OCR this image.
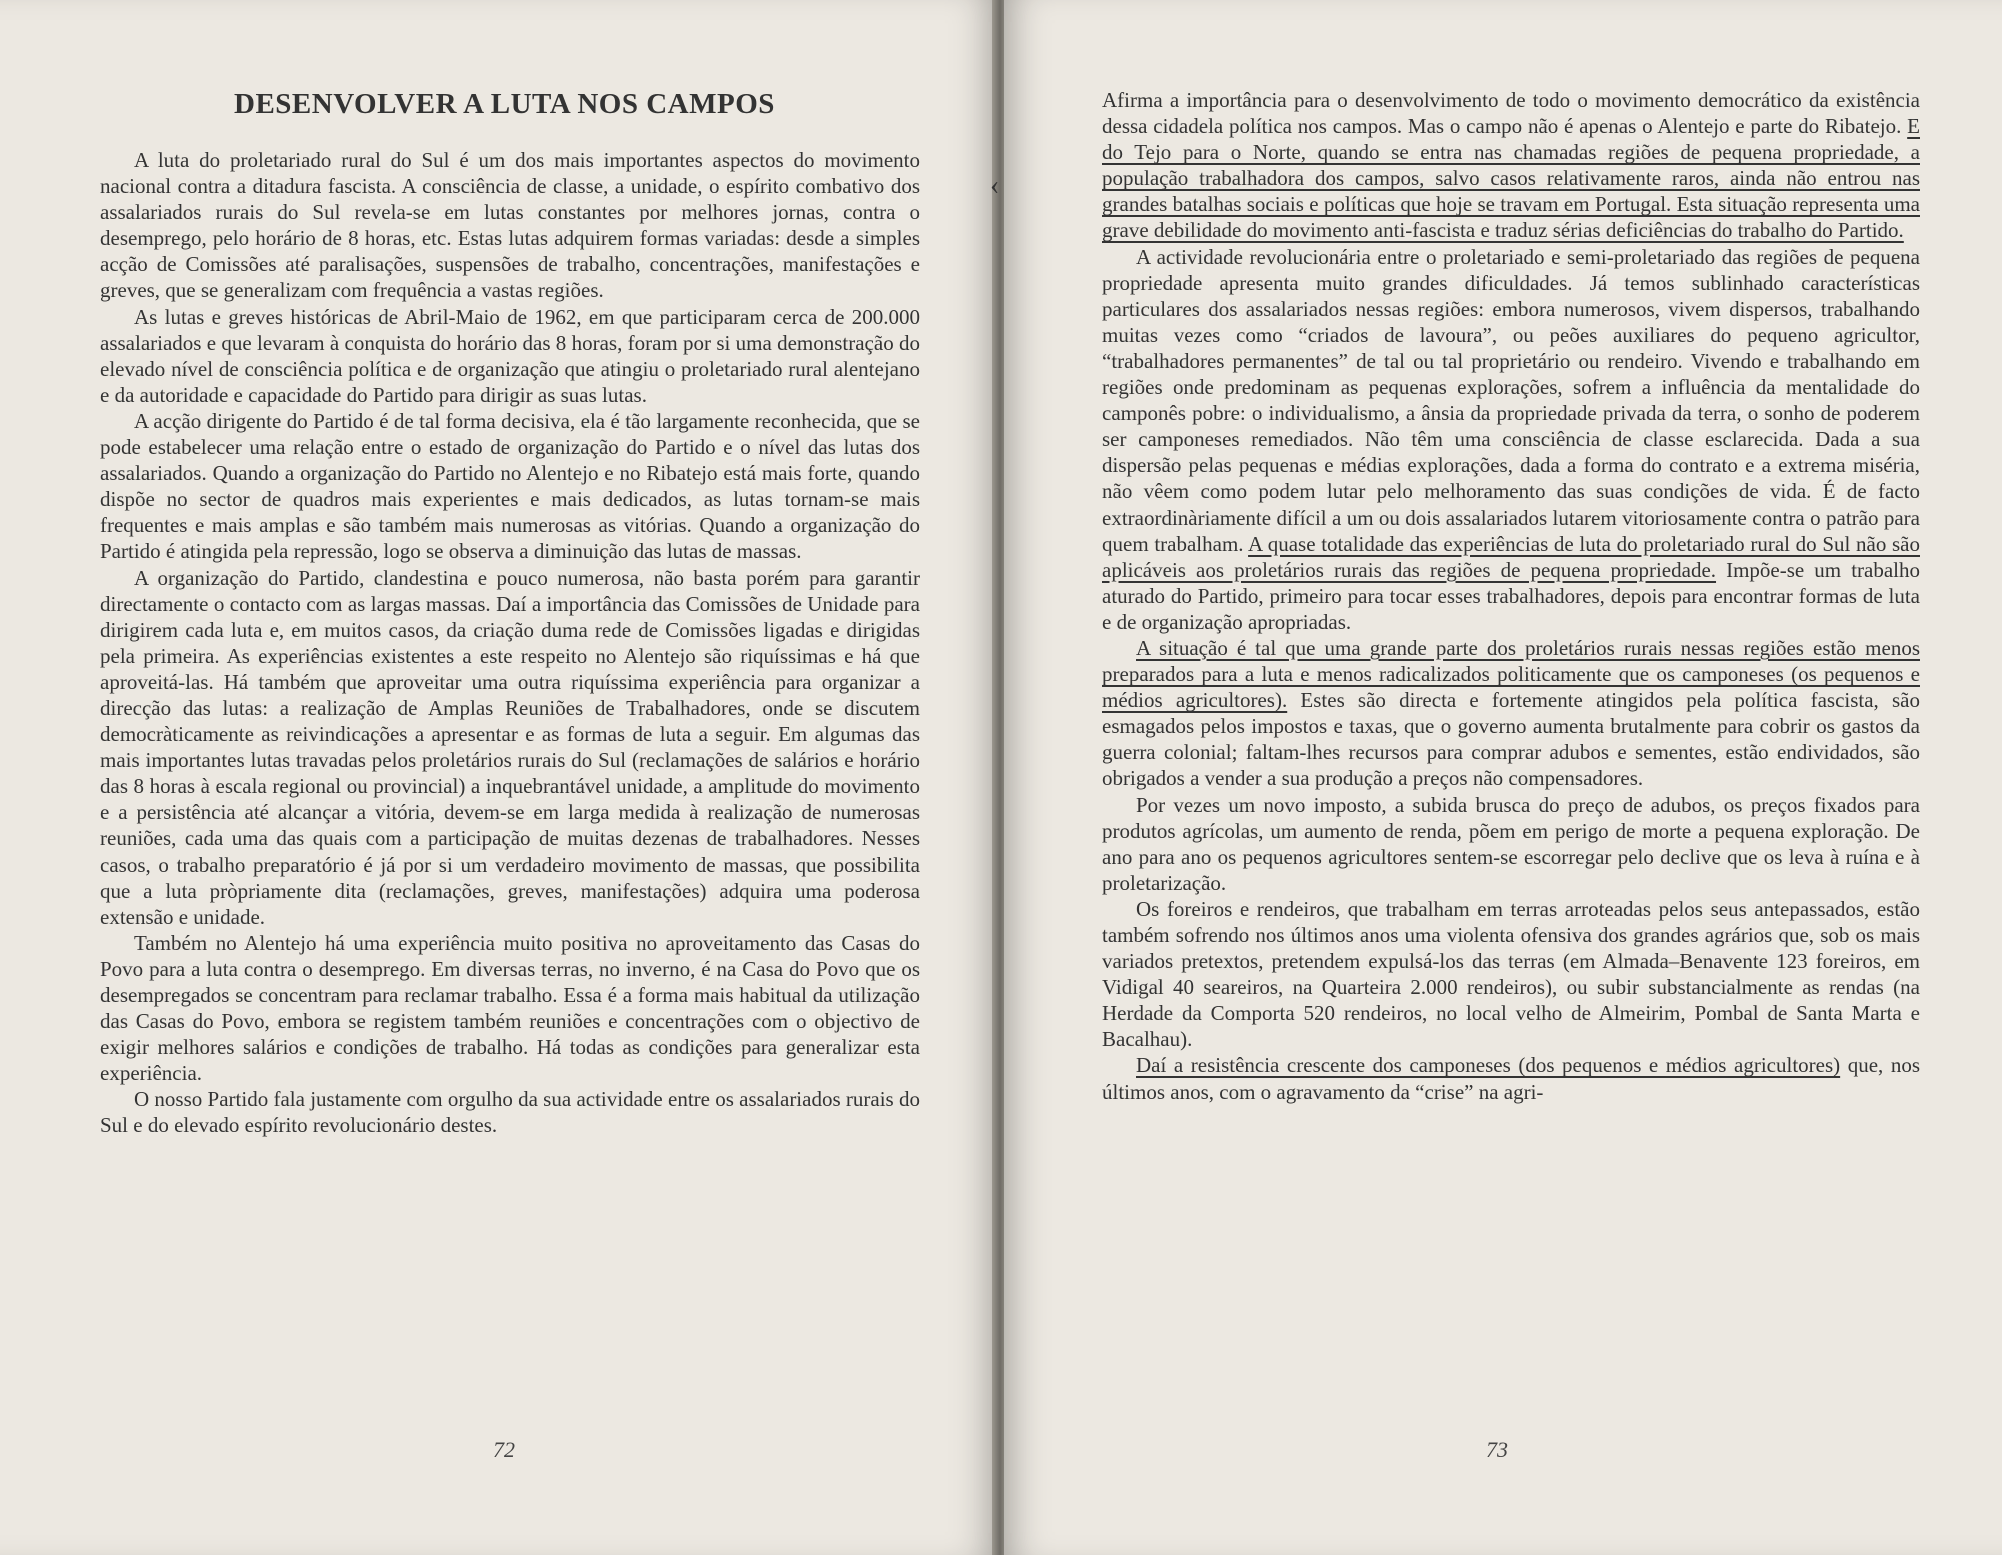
DESENVOLVER A LUTA NOS CAMPOS

A luta do proletariado rural do Sul é um dos mais importantes aspectos do movimento nacional contra a ditadura fascista. A consciência de classe, a unidade, o espírito combativo dos assalariados rurais do Sul revela-se em lutas constantes por melhores jornas, contra o desemprego, pelo horário de 8 horas, etc. Estas lutas adquirem formas variadas: desde a simples acção de Comissões até paralisações, suspensões de trabalho, concentrações, manifestações e greves, que se generalizam com frequência a vastas regiões.

As lutas e greves históricas de Abril-Maio de 1962, em que participaram cerca de 200.000 assalariados e que levaram à conquista do horário das 8 horas, foram por si uma demonstração do elevado nível de consciência política e de organização que atingiu o proletariado rural alentejano e da autoridade e capacidade do Partido para dirigir as suas lutas.

A acção dirigente do Partido é de tal forma decisiva, ela é tão largamente reconhecida, que se pode estabelecer uma relação entre o estado de organização do Partido e o nível das lutas dos assalariados. Quando a organização do Partido no Alentejo e no Ribatejo está mais forte, quando dispõe no sector de quadros mais experientes e mais dedicados, as lutas tornam-se mais frequentes e mais amplas e são também mais numerosas as vitórias. Quando a organização do Partido é atingida pela repressão, logo se observa a diminuição das lutas de massas.

A organização do Partido, clandestina e pouco numerosa, não basta porém para garantir directamente o contacto com as largas massas. Daí a importância das Comissões de Unidade para dirigirem cada luta e, em muitos casos, da criação duma rede de Comissões ligadas e dirigidas pela primeira. As experiências existentes a este respeito no Alentejo são riquíssimas e há que aproveitá-las. Há também que aproveitar uma outra riquíssima experiência para organizar a direcção das lutas: a realização de Amplas Reuniões de Trabalhadores, onde se discutem democràticamente as reivindicações a apresentar e as formas de luta a seguir. Em algumas das mais importantes lutas travadas pelos proletários rurais do Sul (reclamações de salários e horário das 8 horas à escala regional ou provincial) a inquebrantável unidade, a amplitude do movimento e a persistência até alcançar a vitória, devem-se em larga medida à realização de numerosas reuniões, cada uma das quais com a participação de muitas dezenas de trabalhadores. Nesses casos, o trabalho preparatório é já por si um verdadeiro movimento de massas, que possibilita que a luta pròpriamente dita (reclamações, greves, manifestações) adquira uma poderosa extensão e unidade.

Também no Alentejo há uma experiência muito positiva no aproveitamento das Casas do Povo para a luta contra o desemprego. Em diversas terras, no inverno, é na Casa do Povo que os desempregados se concentram para reclamar trabalho. Essa é a forma mais habitual da utilização das Casas do Povo, embora se registem também reuniões e concentrações com o objectivo de exigir melhores salários e condições de trabalho. Há todas as condições para generalizar esta experiência.

O nosso Partido fala justamente com orgulho da sua actividade entre os assalariados rurais do Sul e do elevado espírito revolucionário destes.

72
‹

Afirma a importância para o desenvolvimento de todo o movimento democrático da existência dessa cidadela política nos campos. Mas o campo não é apenas o Alentejo e parte do Ribatejo. E do Tejo para o Norte, quando se entra nas chamadas regiões de pequena propriedade, a população trabalhadora dos campos, salvo casos relativamente raros, ainda não entrou nas grandes batalhas sociais e políticas que hoje se travam em Portugal. Esta situação representa uma grave debilidade do movimento anti-fascista e traduz sérias deficiências do trabalho do Partido.

A actividade revolucionária entre o proletariado e semi-proletariado das regiões de pequena propriedade apresenta muito grandes dificuldades. Já temos sublinhado características particulares dos assalariados nessas regiões: embora numerosos, vivem dispersos, trabalhando muitas vezes como “criados de lavoura”, ou peões auxiliares do pequeno agricultor, “trabalhadores permanentes” de tal ou tal proprietário ou rendeiro. Vivendo e trabalhando em regiões onde predominam as pequenas explorações, sofrem a influência da mentalidade do camponês pobre: o individualismo, a ânsia da propriedade privada da terra, o sonho de poderem ser camponeses remediados. Não têm uma consciência de classe esclarecida. Dada a sua dispersão pelas pequenas e médias explorações, dada a forma do contrato e a extrema miséria, não vêem como podem lutar pelo melhoramento das suas condições de vida. É de facto extraordinàriamente difícil a um ou dois assalariados lutarem vitoriosamente contra o patrão para quem trabalham. A quase totalidade das experiências de luta do proletariado rural do Sul não são aplicáveis aos proletários rurais das regiões de pequena propriedade. Impõe-se um trabalho aturado do Partido, primeiro para tocar esses trabalhadores, depois para encontrar formas de luta e de organização apropriadas.

A situação é tal que uma grande parte dos proletários rurais nessas regiões estão menos preparados para a luta e menos radicalizados politicamente que os camponeses (os pequenos e médios agricultores). Estes são directa e fortemente atingidos pela política fascista, são esmagados pelos impostos e taxas, que o governo aumenta brutalmente para cobrir os gastos da guerra colonial; faltam-lhes recursos para comprar adubos e sementes, estão endividados, são obrigados a vender a sua produção a preços não compensadores.

Por vezes um novo imposto, a subida brusca do preço de adubos, os preços fixados para produtos agrícolas, um aumento de renda, põem em perigo de morte a pequena exploração. De ano para ano os pequenos agricultores sentem-se escorregar pelo declive que os leva à ruína e à proletarização.

Os foreiros e rendeiros, que trabalham em terras arroteadas pelos seus antepassados, estão também sofrendo nos últimos anos uma violenta ofensiva dos grandes agrários que, sob os mais variados pretextos, pretendem expulsá-los das terras (em Almada–Benavente 123 foreiros, em Vidigal 40 seareiros, na Quarteira 2.000 rendeiros), ou subir substancialmente as rendas (na Herdade da Comporta 520 rendeiros, no local velho de Almeirim, Pombal de Santa Marta e Bacalhau).

Daí a resistência crescente dos camponeses (dos pequenos e médios agricultores) que, nos últimos anos, com o agravamento da “crise” na agri-

73
